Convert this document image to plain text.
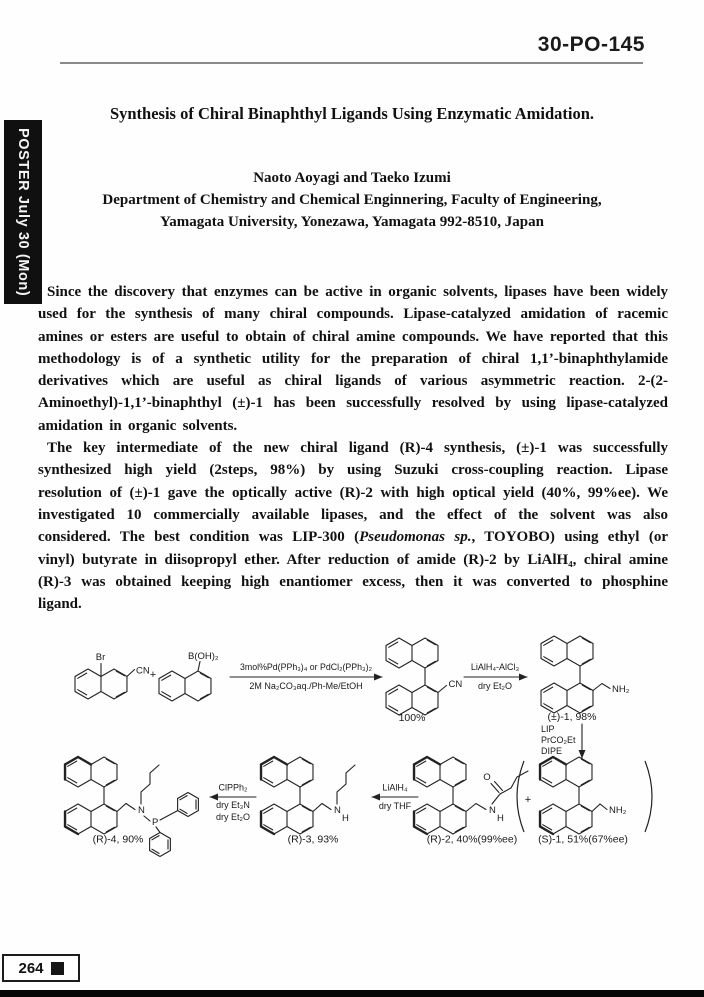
30-PO-145
POSTER July 30 (Mon)
Synthesis of Chiral Binaphthyl Ligands Using Enzymatic Amidation.
Naoto Aoyagi and Taeko Izumi
Department of Chemistry and Chemical Enginnering, Faculty of Engineering,
Yamagata University, Yonezawa, Yamagata 992-8510, Japan

Since the discovery that enzymes can be active in organic solvents, lipases have been widely used for the synthesis of many chiral compounds. Lipase-catalyzed amidation of racemic amines or esters are useful to obtain of chiral amine compounds. We have reported that this methodology is of a synthetic utility for the preparation of chiral 1,1’-binaphthylamide derivatives which are useful as chiral ligands of various asymmetric reaction. 2-(2-Aminoethyl)-1,1’-binaphthyl (±)-1 has been successfully resolved by using lipase-catalyzed amidation in organic solvents.

The key intermediate of the new chiral ligand (R)-4 synthesis, (±)-1 was successfully synthesized high yield (2steps, 98%) by using Suzuki cross-coupling reaction. Lipase resolution of (±)-1 gave the optically active (R)-2 with high optical yield (40%, 99%ee). We investigated 10 commercially available lipases, and the effect of the solvent was also considered. The best condition was LIP-300 (Pseudomonas sp., TOYOBO) using ethyl (or vinyl) butyrate in diisopropyl ether. After reduction of amide (R)-2 by LiAlH₄, chiral amine (R)-3 was obtained keeping high enantiomer excess, then it was converted to phosphine ligand.

Br
CN +
B(OH)₂
3mol%Pd(PPh₃)₄ or PdCl₂(PPh₃)₂
2M Na₂CO₃aq./Ph-Me/EtOH	CN
100%
LiAlH₄-AlCl₃
dry Et₂O	NH₂
(±)-1, 98%
LIP
PrCO₂Et
DIPE
N
P
(R)-4, 90%
ClPPh₂
dry Et₃N
dry Et₂O
N
H
(R)-3, 93%
LiAlH₄
dry THF	N
H
O
(R)-2, 40%(99%ee)
+
NH₂
(S)-1, 51%(67%ee)
264
